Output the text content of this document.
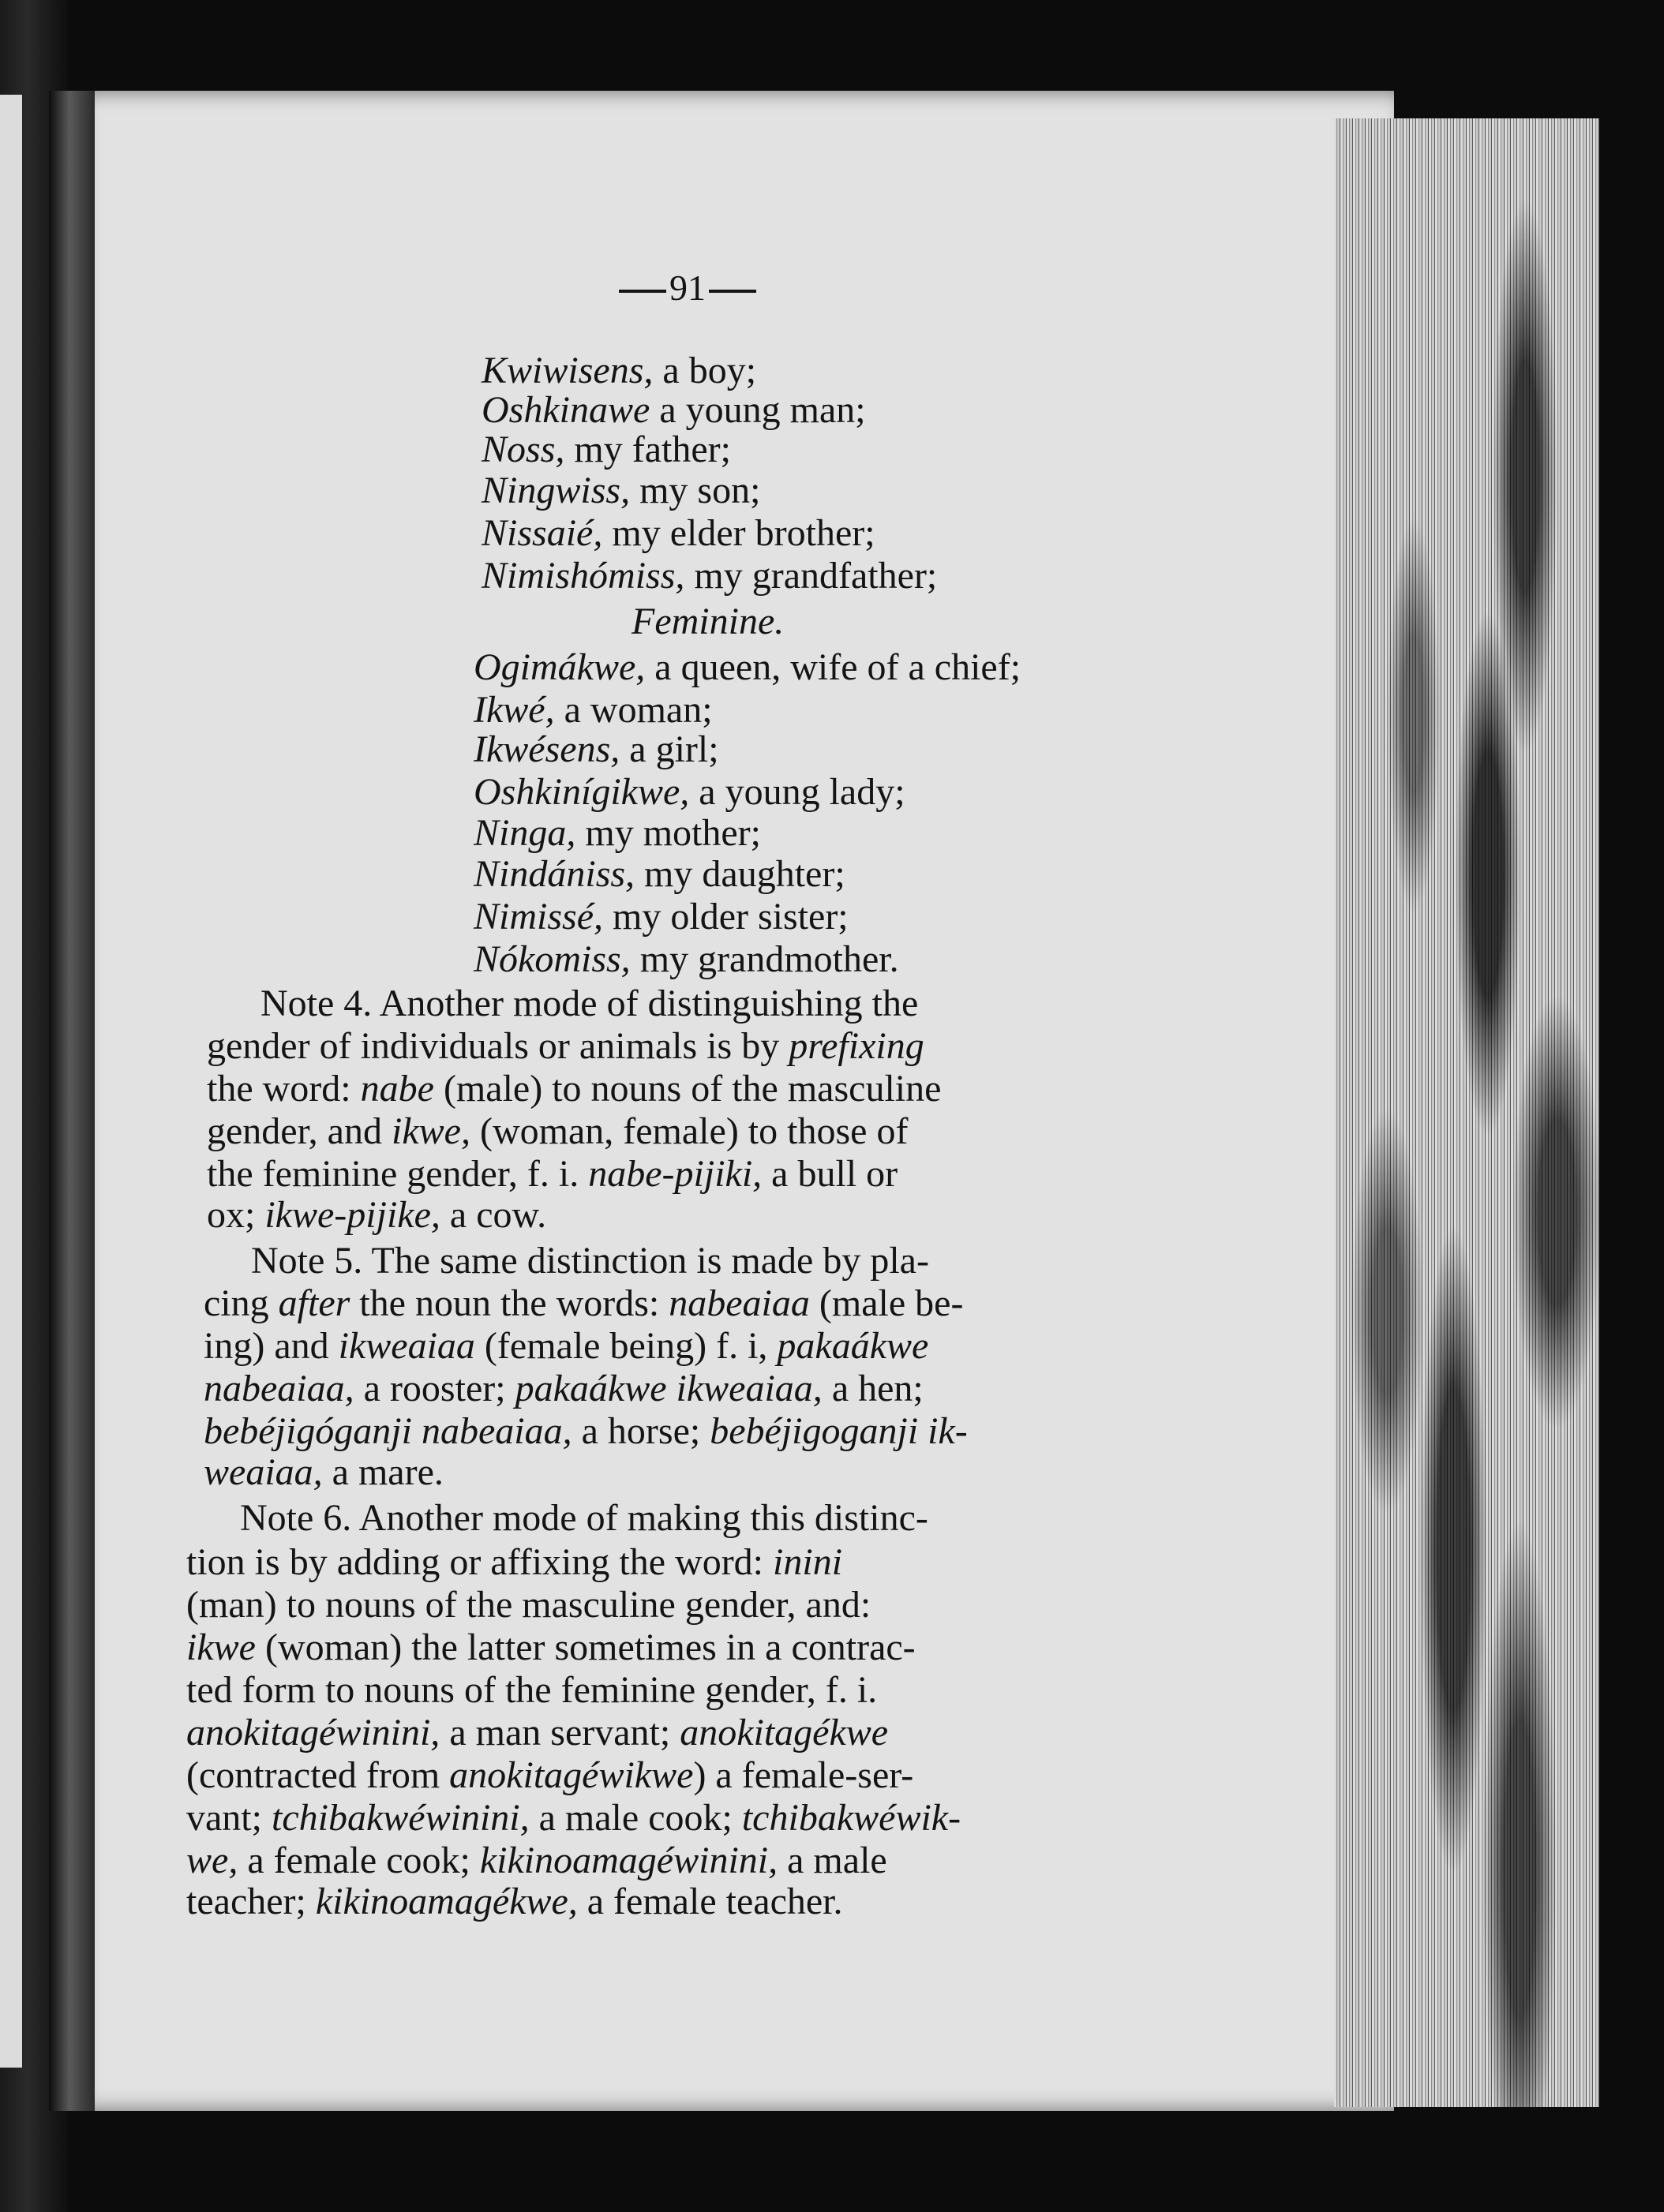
91
Kwiwisens, a boy;
Oshkinawe a young man;
Noss, my father;
Ningwiss, my son;
Nissaié, my elder brother;
Nimishómiss, my grandfather;
Feminine.
Ogimákwe, a queen, wife of a chief;
Ikwé, a woman;
Ikwésens, a girl;
Oshkinígikwe, a young lady;
Ninga, my mother;
Nindániss, my daughter;
Nimissé, my older sister;
Nókomiss, my grandmother.
Note 4. Another mode of distinguishing the
gender of individuals or animals is by prefixing
the word: nabe (male) to nouns of the masculine
gender, and ikwe, (woman, female) to those of
the feminine gender, f. i. nabe-pijiki, a bull or
ox; ikwe-pijike, a cow.
Note 5. The same distinction is made by pla-
cing after the noun the words: nabeaiaa (male be-
ing) and ikweaiaa (female being) f. i, pakaákwe
nabeaiaa, a rooster; pakaákwe ikweaiaa, a hen;
bebéjigóganji nabeaiaa, a horse; bebéjigoganji ik-
weaiaa, a mare.
Note 6. Another mode of making this distinc-
tion is by adding or affixing the word: inini
(man) to nouns of the masculine gender, and:
ikwe (woman) the latter sometimes in a contrac-
ted form to nouns of the feminine gender, f. i.
anokitagéwinini, a man servant; anokitagékwe
(contracted from anokitagéwikwe) a female-ser-
vant; tchibakwéwinini, a male cook; tchibakwéwik-
we, a female cook; kikinoamagéwinini, a male
teacher; kikinoamagékwe, a female teacher.
